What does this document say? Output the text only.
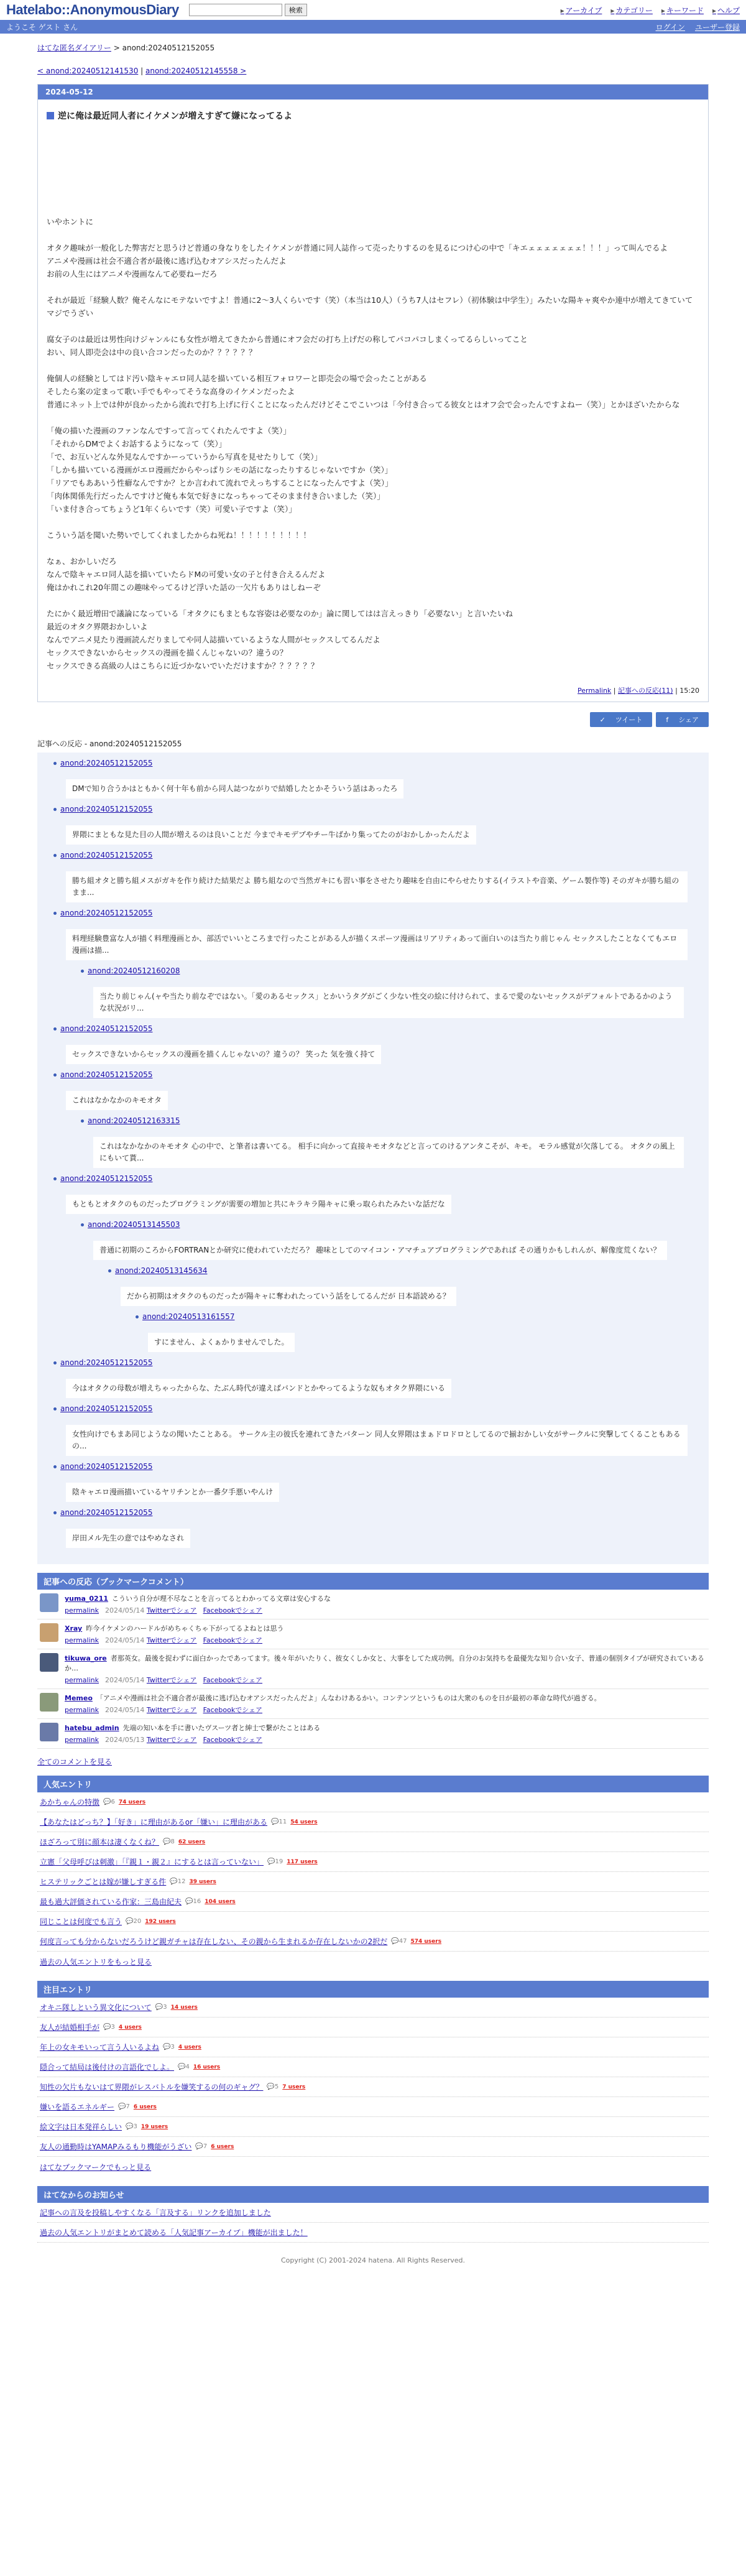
Hatelabo::AnonymousDiary	検索	▸ アーカイブ ▸ カテゴリー ▸ キーワード ▸ ヘルプ
ようこそ ゲスト さん	ログイン ユーザー登録
はてな匿名ダイアリー > anond:20240512152055
< anond:20240512141530 | anond:20240512145558 >
2024-05-12
逆に俺は最近同人者にイケメンが増えすぎて嫌になってるよ

いやホントに

オタク趣味が一般化した弊害だと思うけど普通の身なりをしたイケメンが普通に同人誌作って売ったりするのを見るにつけ心の中で「キエェェェェェェェ！！！」って叫んでるよ

アニメや漫画は社会不適合者が最後に逃げ込むオアシスだったんだよ

お前の人生にはアニメや漫画なんて必要ねーだろ

それが最近「経験人数？俺そんなにモテないですよ！普通に2〜3人くらいです（笑）（本当は10人）（うち7人はセフレ）（初体験は中学生）」みたいな陽キャ爽やか連中が増えてきていてマジでうざい

腐女子のは最近は男性向けジャンルにも女性が増えてきたから普通にオフ会だの打ち上げだの称してパコパコしまくってるらしいってこと

おい、同人即売会は中の良い合コンだったのか？？？？？？

俺個人の経験としてはド汚い陰キャエロ同人誌を描いている相互フォロワーと即売会の場で会ったことがある

そしたら案の定まって歌い手でもやってそうな高身のイケメンだったよ

普通にネット上では仲が良かったから流れで打ち上げに行くことになったんだけどそこでこいつは「今付き合ってる彼女とはオフ会で会ったんですよねー（笑）」とかほざいたからな

「俺の描いた漫画のファンなんですって言ってくれたんですよ（笑）」

「それからDMでよくお話するようになって（笑）」

「で、お互いどんな外見なんですかーっていうから写真を見せたりして（笑）」

「しかも描いている漫画がエロ漫画だからやっぱりシモの話になったりするじゃないですか（笑）」

「リアでもああいう性癖なんですか？とか言われて流れでえっちすることになったんですよ（笑）」

「肉体関係先行だったんですけど俺も本気で好きになっちゃってそのまま付き合いました（笑）」

「いま付き合ってちょうど1年くらいです（笑）可愛い子ですよ（笑）」

こういう話を聞いた勢いでしてくれましたからね死ね！！！！！！！！！！

なぁ、おかしいだろ

なんで陰キャエロ同人誌を描いていたらドMの可愛い女の子と付き合えるんだよ

俺はかれこれ20年間この趣味やってるけど浮いた話の一欠片もありはしねーぞ

たにかく最近増田で議論になっている「オタクにもまともな容姿は必要なのか」論に関してはは言えっきり「必要ない」と言いたいね

最近のオタク界隈おかしいよ

なんでアニメ見たり漫画読んだりましてや同人誌描いているような人間がセックスしてるんだよ

セックスできないからセックスの漫画を描くんじゃないの？違うの？

セックスできる高級の人はこちらに近づかないでいただけますか？？？？？？

Permalink | 記事への反応(11) | 15:20
✓ツイート	fシェア
記事への反応 - anond:20240512152055
anond:20240512152055

DMで知り合うかはともかく何十年も前から同人誌つながりで結婚したとかそういう話はあったろ
anond:20240512152055

界隈にまともな見た目の人間が増えるのは良いことだ 今までキモデブやチー牛ばかり集ってたのがおかしかったんだよ
anond:20240512152055

勝ち組オタと勝ち組メスがガキを作り続けた結果だよ 勝ち組なので当然ガキにも習い事をさせたり趣味を自由にやらせたりする(イラストや音楽、ゲーム製作等) そのガキが勝ち組のまま...
anond:20240512152055

料理経験豊富な人が描く料理漫画とか、部活でいいところまで行ったことがある人が描くスポーツ漫画はリアリティあって面白いのは当たり前じゃん セックスしたことなくてもエロ漫画は描...
anond:20240512160208

当たり前じゃん(ャや当たり前なぞではない。「愛のあるセックス」とかいうタグがごく少ない性交の絵に付けられて、まるで愛のないセックスがデフォルトであるかのような状況がリ...
anond:20240512152055

セックスできないからセックスの漫画を描くんじゃないの？違うの？ 笑った 気を強く持て
anond:20240512152055

これはなかなかのキモオタ
anond:20240512163315

これはなかなかのキモオタ 心の中で、と筆者は書いてる。 相手に向かって直接キモオタなどと言ってのけるアンタこそが、キモ。 モラル感覚が欠落してる。 オタクの風上にもいて貰...
anond:20240512152055

もともとオタクのものだったプログラミングが需要の増加と共にキラキラ陽キャに乗っ取られたみたいな話だな
anond:20240513145503

普通に初期のころからFORTRANとか研究に使われていただろ？ 趣味としてのマイコン・アマチュアプログラミングであれば その通りかもしれんが、解像度荒くない？
anond:20240513145634

だから初期はオタクのものだったが陽キャに奪われたっていう話をしてるんだが 日本語読める？
anond:20240513161557

すにません、よくぁかりませんでした。
anond:20240512152055

今はオタクの母数が増えちゃったからな、たぶん時代が違えばバンドとかやってるような奴もオタク界隈にいる
anond:20240512152055

女性向けでもまあ同じようなの聞いたことある。 サークル主の彼氏を連れてきたパターン 同人女界隈はまぁドロドロとしてるので揃おかしい女がサークルに突撃してくることもあるの...
anond:20240512152055

陰キャエロ漫画描いているヤリチンとか一番夕手悪いやんけ
anond:20240512152055

岸田メル先生の意ではやめなされ
記事への反応（ブックマークコメント）
yuma_0211 こういう自分が理不尽なことを言ってるとわかってる文章は安心するな
permalink 2024/05/14 Twitterでシェア Facebookでシェア
Xray 昨今イケメンのハードルがめちゃくちゃ下がってるよねとは思う
permalink 2024/05/14 Twitterでシェア Facebookでシェア
tikuwa_ore 者那英女。最後を捉わずに面白かったであってます。後々年がいたりく、彼女くしか女と、大事をしてた成功例。自分のお気持ちを最優先な知り合い女子、普通の個別タイプが研究されていあるか…
permalink 2024/05/14 Twitterでシェア Facebookでシェア
Memeo 「アニメや漫画は社会不適合者が最後に逃げ込むオアシスだったんだよ」んなわけあるかい。コンテンツというものは大衆のものを日が最初の革命な時代が過ぎる。
permalink 2024/05/14 Twitterでシェア Facebookでシェア
hatebu_admin 先端の知い本を手に書いたヴスーツ者と紳士で繋がたことはある
permalink 2024/05/13 Twitterでシェア Facebookでシェア
全てのコメントを見る
人気エントリ
あかちゃんの特徴 💬6 74 users
【あなたはどっち？】「好き」に理由があるor「嫌い」に理由がある 💬11 54 users
ほざろって別に顔本は凄くなくね？ 💬8 62 users
立憲「父母呼びは刺激」「『親１・親２』にするとは言っていない」 💬19 117 users
ヒステリックごとは嫁が嫌しすぎる件 💬12 39 users
最も過大評価されている作家：三島由紀夫 💬16 104 users
同じことは何度でも言う 💬20 192 users
何度言っても分からないだろうけど親ガチャは存在しない、その親から生まれるか存在しないかの2択だ 💬47 574 users
過去の人気エントリをもっと見る
注目エントリ
オキニ隊しという異文化について 💬3 14 users
友人が結婚相手が 💬3 4 users
年上の女キモいって言う人いるよね 💬3 4 users
隠合って結局は後付けの言語化でしよ。 💬4 16 users
知性の欠片もないはて界隈がレスバトルを嫌笑するの何のギャグ？ 💬5 7 users
嫌いを語るエネルギー 💬7 6 users
絵文字は日本発祥らしい 💬3 19 users
友人の通勤時はYAMAPみるもり機能がうざい 💬7 6 users
はてなブックマークでもっと見る
はてなからのお知らせ
記事への言及を投稿しやすくなる「言及する」リンクを追加しました
過去の人気エントリがまとめて読める「人気記事アーカイブ」機能が出ました！
Copyright (C) 2001-2024 hatena. All Rights Reserved.
